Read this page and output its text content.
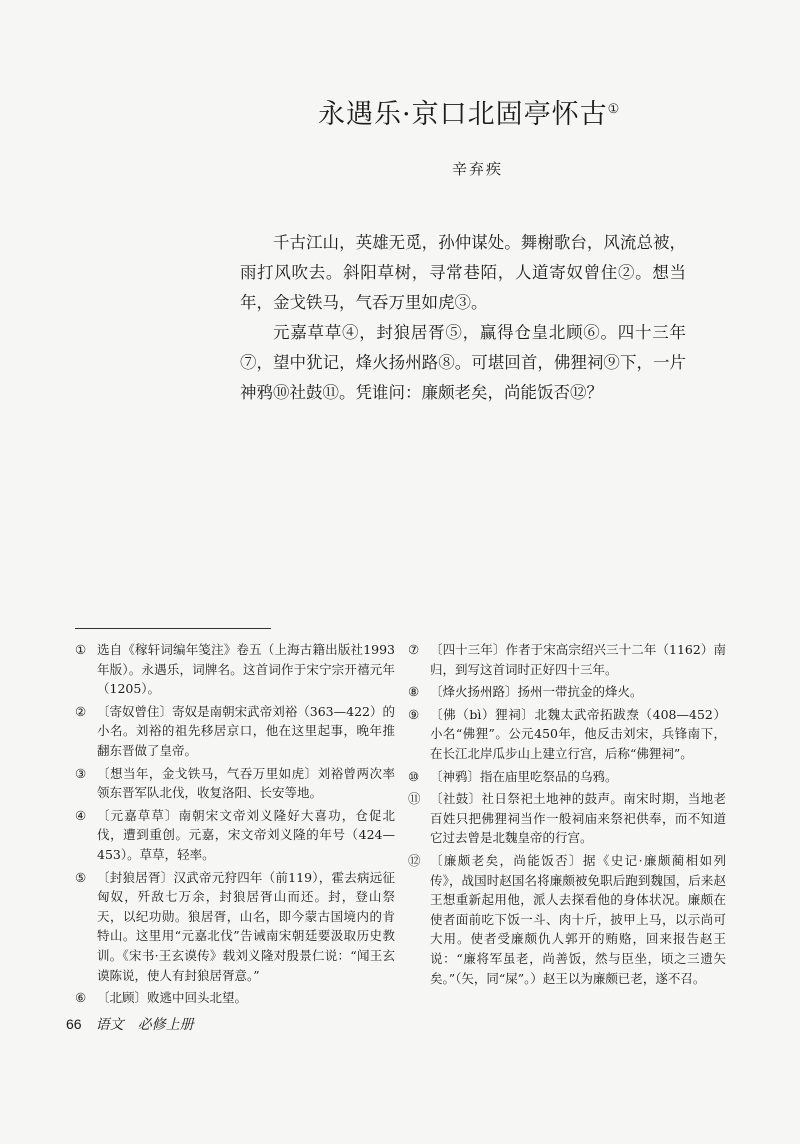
永遇乐·京口北固亭怀古①
辛弃疾

千古江山，英雄无觅，孙仲谋处。舞榭歌台，风流总被，雨打风吹去。斜阳草树，寻常巷陌，人道寄奴曾住②。想当年，金戈铁马，气吞万里如虎③。

元嘉草草④，封狼居胥⑤，赢得仓皇北顾⑥。四十三年⑦，望中犹记，烽火扬州路⑧。可堪回首，佛狸祠⑨下，一片神鸦⑩社鼓⑪。凭谁问：廉颇老矣，尚能饭否⑫？

① 选自《稼轩词编年笺注》卷五（上海古籍出版社1993年版）。永遇乐，词牌名。这首词作于宋宁宗开禧元年（1205）。
② 〔寄奴曾住〕寄奴是南朝宋武帝刘裕（363—422）的小名。刘裕的祖先移居京口，他在这里起事，晚年推翻东晋做了皇帝。
③ 〔想当年，金戈铁马，气吞万里如虎〕刘裕曾两次率领东晋军队北伐，收复洛阳、长安等地。
④ 〔元嘉草草〕南朝宋文帝刘义隆好大喜功，仓促北伐，遭到重创。元嘉，宋文帝刘义隆的年号（424—453）。草草，轻率。
⑤ 〔封狼居胥〕汉武帝元狩四年（前119），霍去病远征匈奴，歼敌七万余，封狼居胥山而还。封，登山祭天，以纪功勋。狼居胥，山名，即今蒙古国境内的肯特山。这里用“元嘉北伐”告诫南宋朝廷要汲取历史教训。《宋书·王玄谟传》载刘义隆对殷景仁说：“闻王玄谟陈说，使人有封狼居胥意。”
⑥ 〔北顾〕败逃中回头北望。
⑦ 〔四十三年〕作者于宋高宗绍兴三十二年（1162）南归，到写这首词时正好四十三年。
⑧ 〔烽火扬州路〕扬州一带抗金的烽火。
⑨ 〔佛（bì）狸祠〕北魏太武帝拓跋焘（408—452）小名“佛狸”。公元450年，他反击刘宋，兵锋南下，在长江北岸瓜步山上建立行宫，后称“佛狸祠”。
⑩ 〔神鸦〕指在庙里吃祭品的乌鸦。
⑪ 〔社鼓〕社日祭祀土地神的鼓声。南宋时期，当地老百姓只把佛狸祠当作一般祠庙来祭祀供奉，而不知道它过去曾是北魏皇帝的行宫。
⑫ 〔廉颇老矣，尚能饭否〕据《史记·廉颇蔺相如列传》，战国时赵国名将廉颇被免职后跑到魏国，后来赵王想重新起用他，派人去探看他的身体状况。廉颇在使者面前吃下饭一斗、肉十斤，披甲上马，以示尚可大用。使者受廉颇仇人郭开的贿赂，回来报告赵王说：“廉将军虽老，尚善饭，然与臣坐，顷之三遗矢矣。”（矢，同“屎”。）赵王以为廉颇已老，遂不召。
66 语文　必修上册
